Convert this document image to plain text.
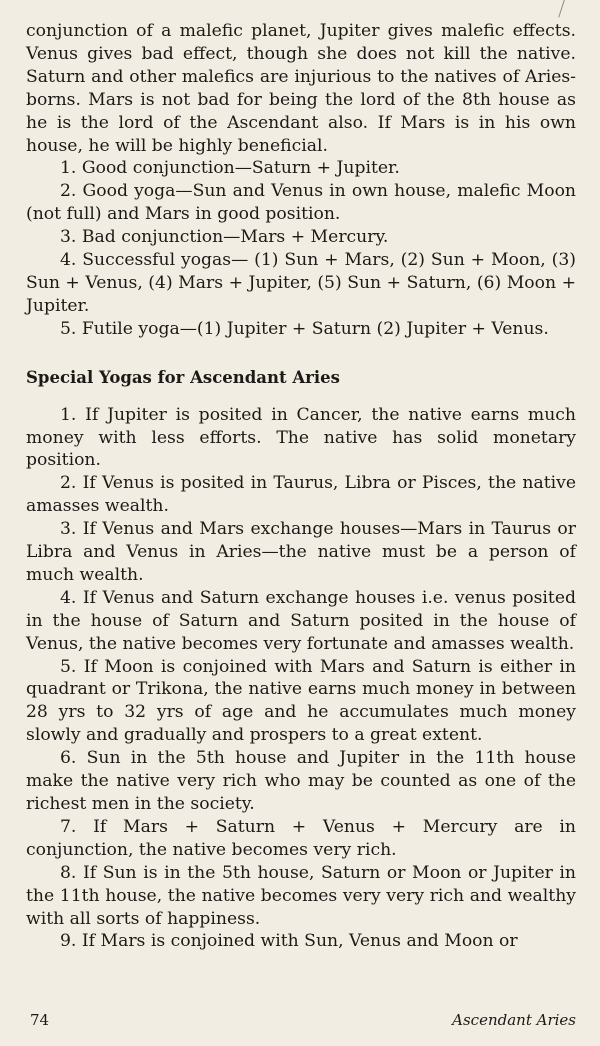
conjunction of a malefic planet, Jupiter gives malefic effects. Venus gives bad effect, though she does not kill the native. Saturn and other malefics are injurious to the natives of Aries-borns. Mars is not bad for being the lord of the 8th house as he is the lord of the Ascendant also. If Mars is in his own house, he will be highly beneficial.

1. Good conjunction—Saturn + Jupiter.

2. Good yoga—Sun and Venus in own house, malefic Moon (not full) and Mars in good position.

3. Bad conjunction—Mars + Mercury.

4. Successful yogas— (1) Sun + Mars, (2) Sun + Moon, (3) Sun + Venus, (4) Mars + Jupiter, (5) Sun + Saturn, (6) Moon + Jupiter.

5. Futile yoga—(1) Jupiter + Saturn (2) Jupiter + Venus.

Special Yogas for Ascendant Aries

1. If Jupiter is posited in Cancer, the native earns much money with less efforts. The native has solid monetary position.

2. If Venus is posited in Taurus, Libra or Pisces, the native amasses wealth.

3. If Venus and Mars exchange houses—Mars in Taurus or Libra and Venus in Aries—the native must be a person of much wealth.

4. If Venus and Saturn exchange houses i.e. venus posited in the house of Saturn and Saturn posited in the house of Venus, the native becomes very fortunate and amasses wealth.

5. If Moon is conjoined with Mars and Saturn is either in quadrant or Trikona, the native earns much money in between 28 yrs to 32 yrs of age and he accumulates much money slowly and gradually and prospers to a great extent.

6. Sun in the 5th house and Jupiter in the 11th house make the native very rich who may be counted as one of the richest men in the society.

7. If Mars + Saturn + Venus + Mercury are in conjunction, the native becomes very rich.

8. If Sun is in the 5th house, Saturn or Moon or Jupiter in the 11th house, the native becomes very very rich and wealthy with all sorts of happiness.

9. If Mars is conjoined with Sun, Venus and Moon or

74	Ascendant Aries
